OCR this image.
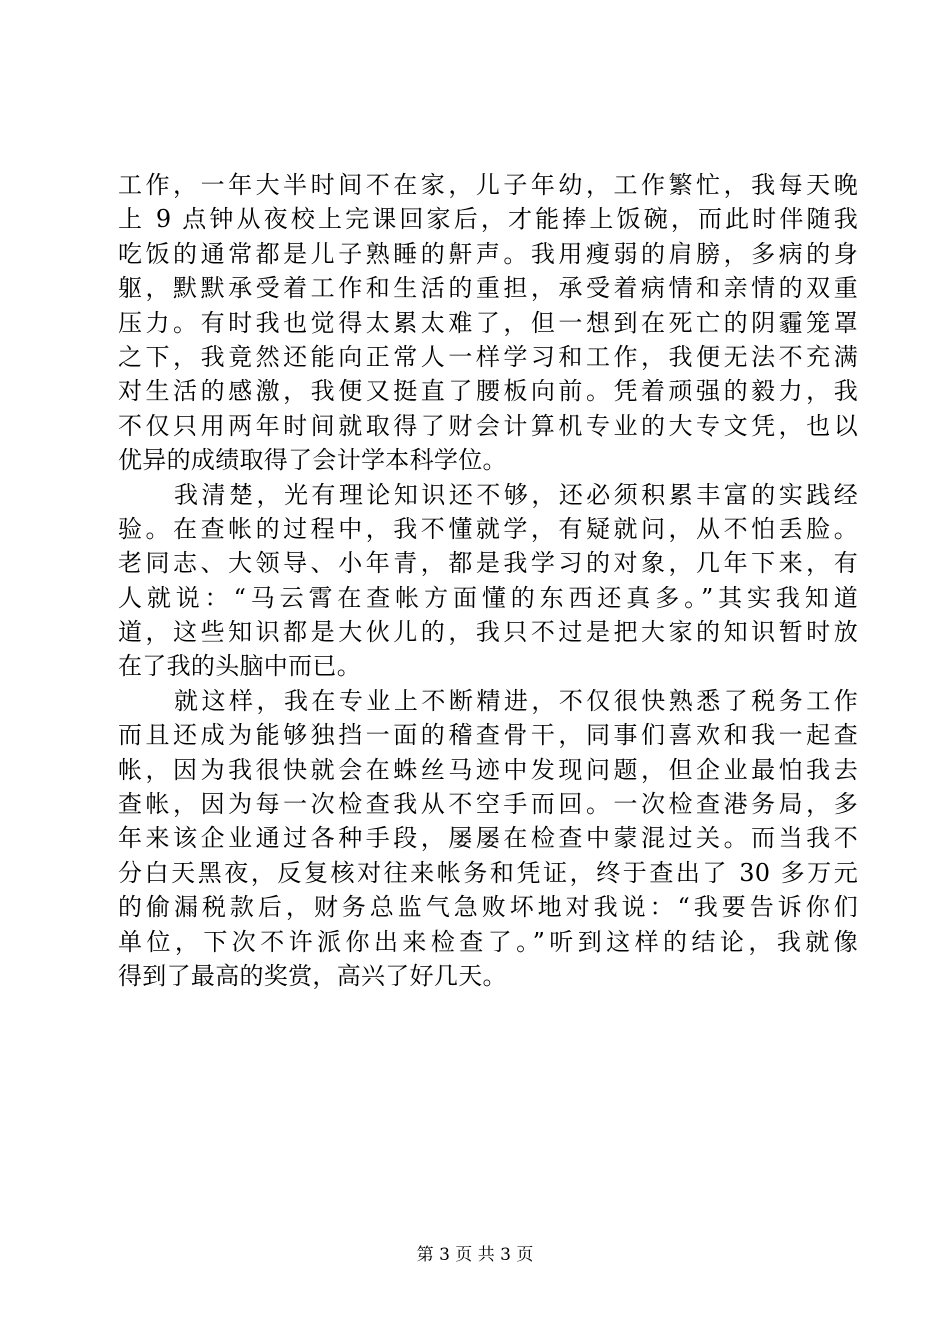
工作，一年大半时间不在家，儿子年幼，工作繁忙，我每天晚
上 9 点钟从夜校上完课回家后，才能捧上饭碗，而此时伴随我
吃饭的通常都是儿子熟睡的鼾声。我用瘦弱的肩膀，多病的身
躯，默默承受着工作和生活的重担，承受着病情和亲情的双重
压力。有时我也觉得太累太难了，但一想到在死亡的阴霾笼罩
之下，我竟然还能向正常人一样学习和工作，我便无法不充满
对生活的感激，我便又挺直了腰板向前。凭着顽强的毅力，我
不仅只用两年时间就取得了财会计算机专业的大专文凭，也以
优异的成绩取得了会计学本科学位。
我清楚，光有理论知识还不够，还必须积累丰富的实践经
验。在查帐的过程中，我不懂就学，有疑就问，从不怕丢脸。
老同志、大领导、小年青，都是我学习的对象，几年下来，有
人就说：“马云霄在查帐方面懂的东西还真多。”其实我知道
道，这些知识都是大伙儿的，我只不过是把大家的知识暂时放
在了我的头脑中而已。
就这样，我在专业上不断精进，不仅很快熟悉了税务工作
而且还成为能够独挡一面的稽查骨干，同事们喜欢和我一起查
帐，因为我很快就会在蛛丝马迹中发现问题，但企业最怕我去
查帐，因为每一次检查我从不空手而回。一次检查港务局，多
年来该企业通过各种手段，屡屡在检查中蒙混过关。而当我不
分白天黑夜，反复核对往来帐务和凭证，终于查出了 30 多万元
的偷漏税款后，财务总监气急败坏地对我说：“我要告诉你们
单位，下次不许派你出来检查了。”听到这样的结论，我就像
得到了最高的奖赏，高兴了好几天。
第 3 页 共 3 页
